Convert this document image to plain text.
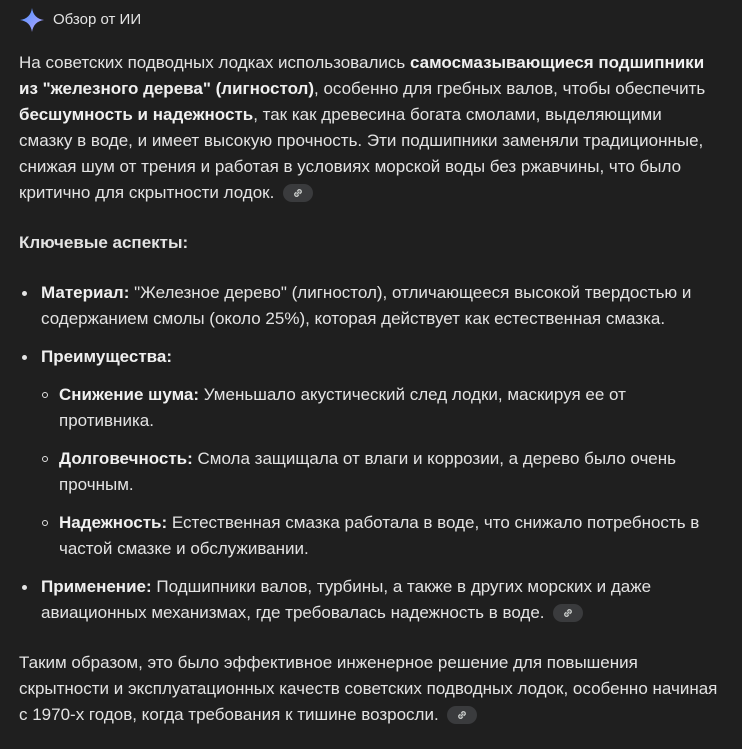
Обзор от ИИ

На советских подводных лодках использовались самосмазывающиеся подшипники из "железного дерева" (лигностол), особенно для гребных валов, чтобы обеспечить бесшумность и надежность, так как древесина богата смолами, выделяющими смазку в воде, и имеет высокую прочность. Эти подшипники заменяли традиционные, снижая шум от трения и работая в условиях морской воды без ржавчины, что было критично для скрытности лодок.

Ключевые аспекты:

Материал: "Железное дерево" (лигностол), отличающееся высокой твердостью и содержанием смолы (около 25%), которая действует как естественная смазка.
Преимущества:
Снижение шума: Уменьшало акустический след лодки, маскируя ее от противника.
Долговечность: Смола защищала от влаги и коррозии, а дерево было очень прочным.
Надежность: Естественная смазка работала в воде, что снижало потребность в частой смазке и обслуживании.
Применение: Подшипники валов, турбины, а также в других морских и даже авиационных механизмах, где требовалась надежность в воде.

Таким образом, это было эффективное инженерное решение для повышения скрытности и эксплуатационных качеств советских подводных лодок, особенно начиная с 1970-х годов, когда требования к тишине возросли.
